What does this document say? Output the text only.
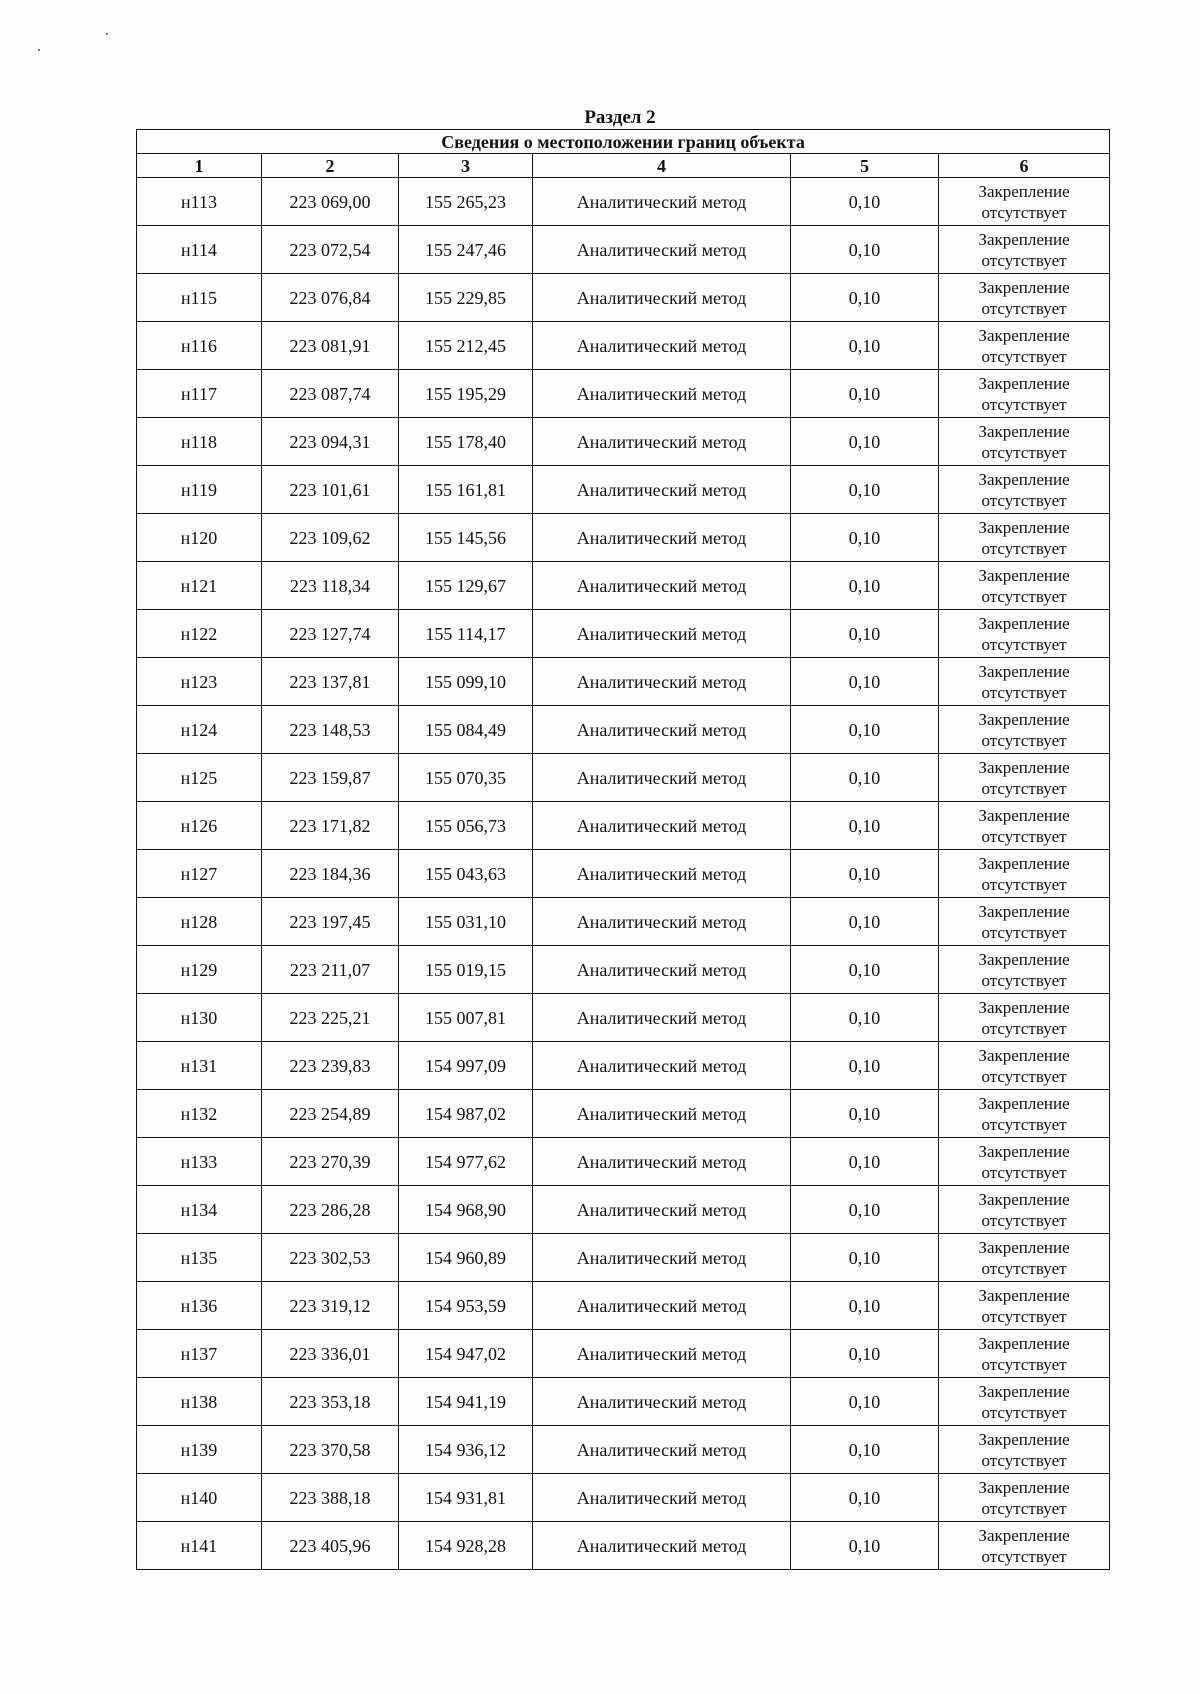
Раздел 2
Сведения о местоположении границ объекта					
1	2	3	4	5	6
н113	223 069,00	155 265,23	Аналитический метод	0,10	Закрепление
отсутствует

н114	223 072,54	155 247,46	Аналитический метод	0,10	Закрепление
отсутствует

н115	223 076,84	155 229,85	Аналитический метод	0,10	Закрепление
отсутствует

н116	223 081,91	155 212,45	Аналитический метод	0,10	Закрепление
отсутствует

н117	223 087,74	155 195,29	Аналитический метод	0,10	Закрепление
отсутствует

н118	223 094,31	155 178,40	Аналитический метод	0,10	Закрепление
отсутствует

н119	223 101,61	155 161,81	Аналитический метод	0,10	Закрепление
отсутствует

н120	223 109,62	155 145,56	Аналитический метод	0,10	Закрепление
отсутствует

н121	223 118,34	155 129,67	Аналитический метод	0,10	Закрепление
отсутствует

н122	223 127,74	155 114,17	Аналитический метод	0,10	Закрепление
отсутствует

н123	223 137,81	155 099,10	Аналитический метод	0,10	Закрепление
отсутствует

н124	223 148,53	155 084,49	Аналитический метод	0,10	Закрепление
отсутствует

н125	223 159,87	155 070,35	Аналитический метод	0,10	Закрепление
отсутствует

н126	223 171,82	155 056,73	Аналитический метод	0,10	Закрепление
отсутствует

н127	223 184,36	155 043,63	Аналитический метод	0,10	Закрепление
отсутствует

н128	223 197,45	155 031,10	Аналитический метод	0,10	Закрепление
отсутствует

н129	223 211,07	155 019,15	Аналитический метод	0,10	Закрепление
отсутствует

н130	223 225,21	155 007,81	Аналитический метод	0,10	Закрепление
отсутствует

н131	223 239,83	154 997,09	Аналитический метод	0,10	Закрепление
отсутствует

н132	223 254,89	154 987,02	Аналитический метод	0,10	Закрепление
отсутствует

н133	223 270,39	154 977,62	Аналитический метод	0,10	Закрепление
отсутствует

н134	223 286,28	154 968,90	Аналитический метод	0,10	Закрепление
отсутствует

н135	223 302,53	154 960,89	Аналитический метод	0,10	Закрепление
отсутствует

н136	223 319,12	154 953,59	Аналитический метод	0,10	Закрепление
отсутствует

н137	223 336,01	154 947,02	Аналитический метод	0,10	Закрепление
отсутствует

н138	223 353,18	154 941,19	Аналитический метод	0,10	Закрепление
отсутствует

н139	223 370,58	154 936,12	Аналитический метод	0,10	Закрепление
отсутствует

н140	223 388,18	154 931,81	Аналитический метод	0,10	Закрепление
отсутствует

н141	223 405,96	154 928,28	Аналитический метод	0,10	Закрепление
отсутствует
